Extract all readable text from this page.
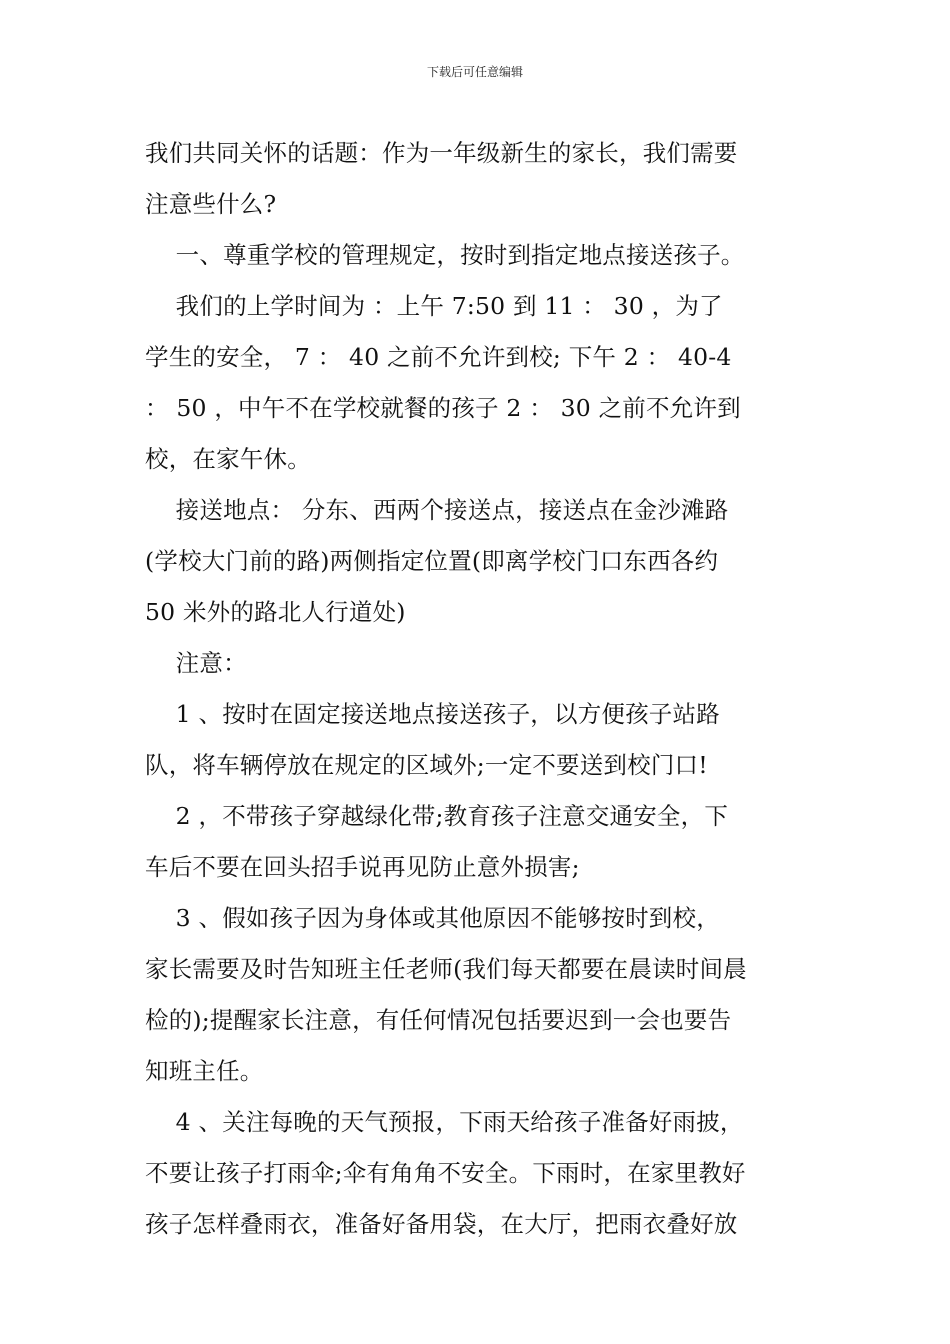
下载后可任意编辑

我们共同关怀的话题：作为一年级新生的家长，我们需要

注意些什么?

一、尊重学校的管理规定，按时到指定地点接送孩子。

我们的上学时间为 ：上午 7:50 到 11 ： 30 ，为了

学生的安全， 7 ： 40 之前不允许到校; 下午 2 ： 40-4

： 50 ，中午不在学校就餐的孩子 2 ： 30 之前不允许到

校，在家午休。

接送地点： 分东、西两个接送点，接送点在金沙滩路

(学校大门前的路)两侧指定位置(即离学校门口东西各约

50 米外的路北人行道处)

注意：

1 、按时在固定接送地点接送孩子，以方便孩子站路

队，将车辆停放在规定的区域外;一定不要送到校门口!

2 ，不带孩子穿越绿化带;教育孩子注意交通安全，下

车后不要在回头招手说再见防止意外损害;

3 、假如孩子因为身体或其他原因不能够按时到校，

家长需要及时告知班主任老师(我们每天都要在晨读时间晨

检的);提醒家长注意，有任何情况包括要迟到一会也要告

知班主任。

4 、关注每晚的天气预报，下雨天给孩子准备好雨披，

不要让孩子打雨伞;伞有角角不安全。下雨时，在家里教好

孩子怎样叠雨衣，准备好备用袋，在大厅，把雨衣叠好放
